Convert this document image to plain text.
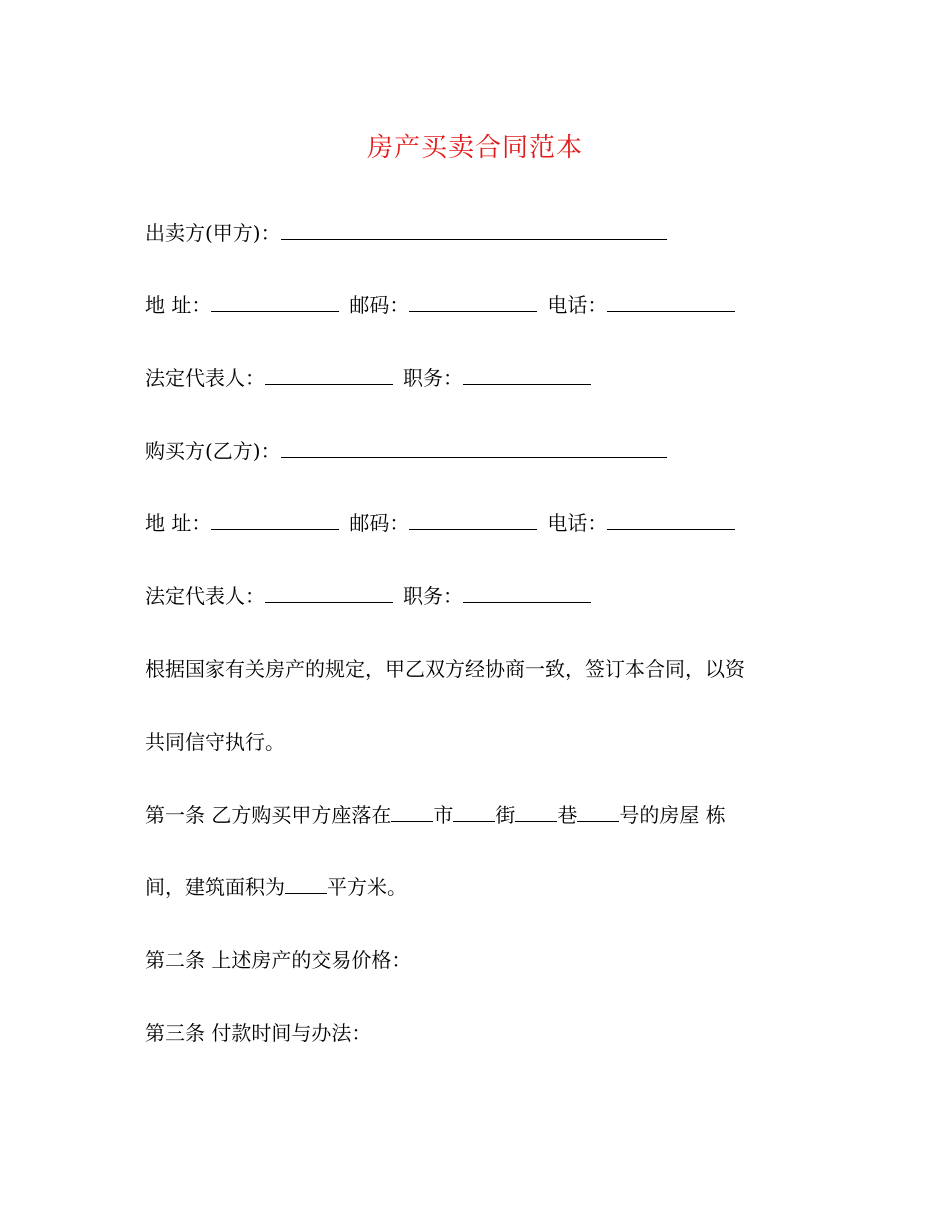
房产买卖合同范本
出卖方(甲方)：
地 址：	邮码：	电话：
法定代表人：	职务：
购买方(乙方)：
地 址：	邮码：	电话：
法定代表人：	职务：
根据国家有关房产的规定，甲乙双方经协商一致，签订本合同，以资
共同信守执行。
第一条 乙方购买甲方座落在 市 街 巷 号的房屋 栋
间，建筑面积为 平方米。
第二条 上述房产的交易价格：
第三条 付款时间与办法：
